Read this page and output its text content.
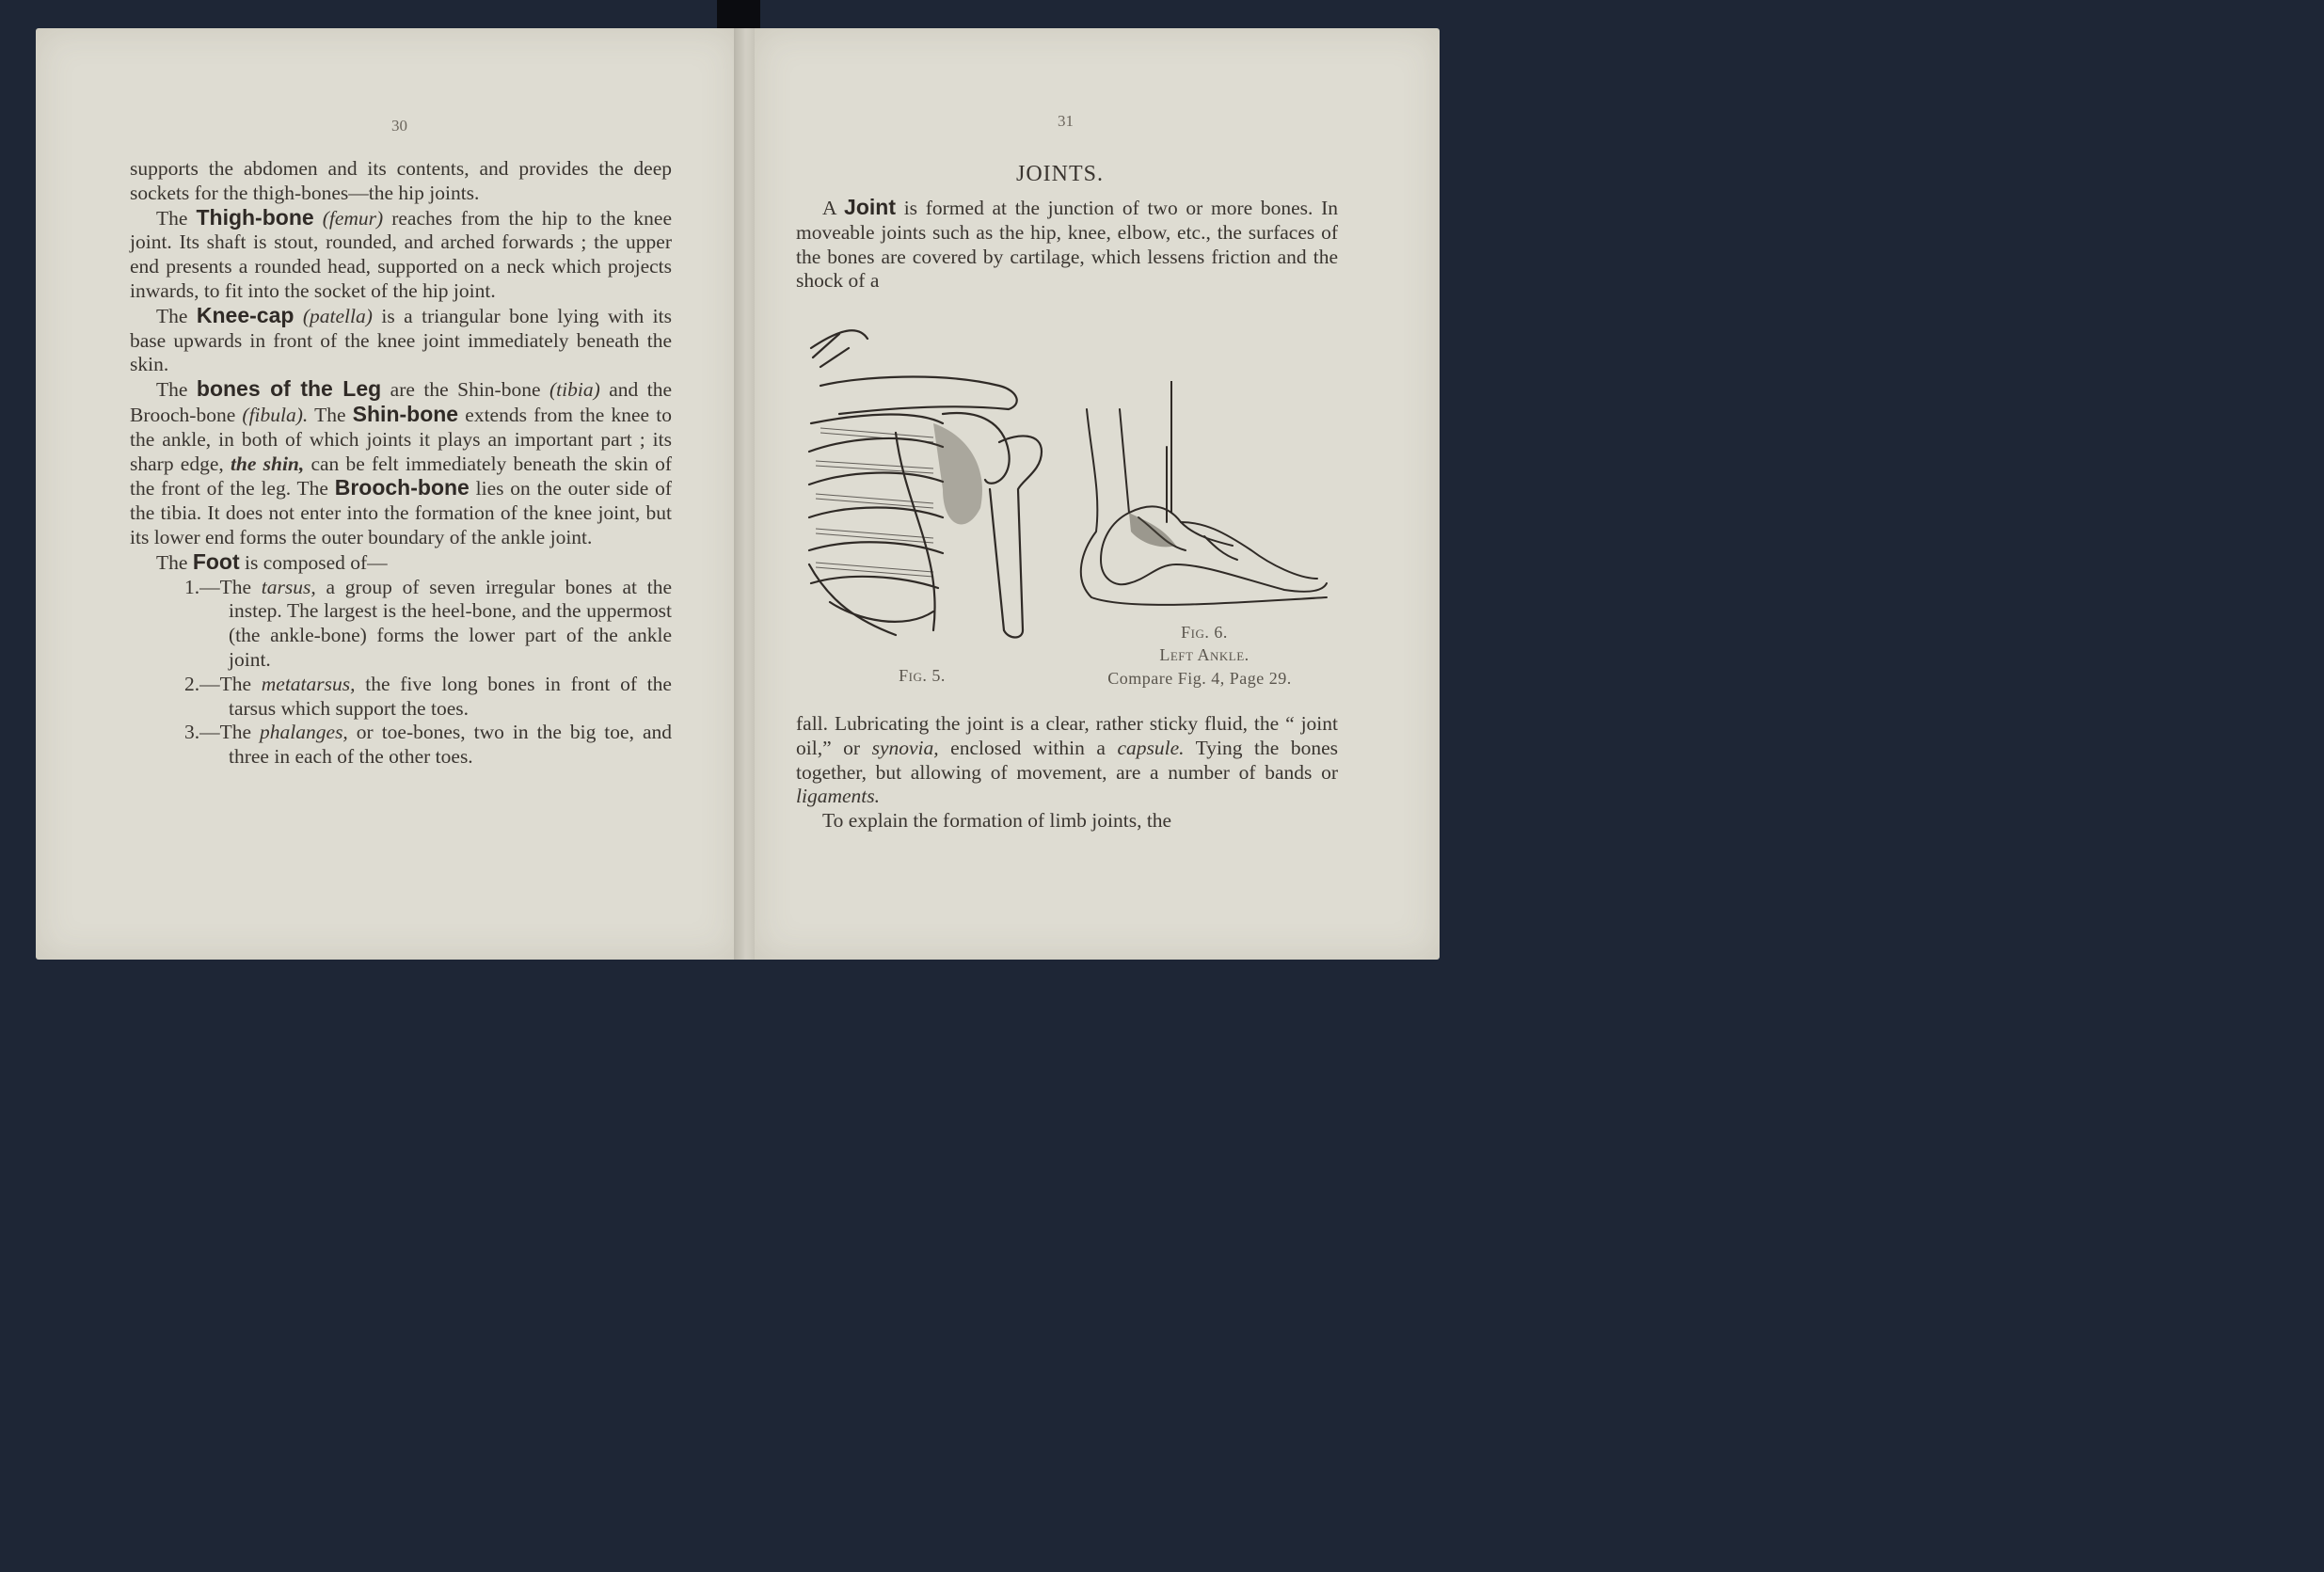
30

supports the abdomen and its contents, and provides the deep sockets for the thigh-bones—the hip joints.

The Thigh-bone (femur) reaches from the hip to the knee joint. Its shaft is stout, rounded, and arched forwards ; the upper end presents a rounded head, supported on a neck which projects inwards, to fit into the socket of the hip joint.

The Knee-cap (patella) is a triangular bone lying with its base upwards in front of the knee joint immediately beneath the skin.

The bones of the Leg are the Shin-bone (tibia) and the Brooch-bone (fibula). The Shin-bone extends from the knee to the ankle, in both of which joints it plays an important part ; its sharp edge, the shin, can be felt immediately beneath the skin of the front of the leg. The Brooch-bone lies on the outer side of the tibia. It does not enter into the formation of the knee joint, but its lower end forms the outer boundary of the ankle joint.

The Foot is composed of—

1.—The tarsus, a group of seven irregular bones at the instep. The largest is the heel-bone, and the uppermost (the ankle-bone) forms the lower part of the ankle joint.

2.—The metatarsus, the five long bones in front of the tarsus which support the toes.

3.—The phalanges, or toe-bones, two in the big toe, and three in each of the other toes.

31
JOINTS.

A Joint is formed at the junction of two or more bones. In moveable joints such as the hip, knee, elbow, etc., the surfaces of the bones are covered by cartilage, which lessens friction and the shock of a

Fig. 5.
Fig. 6.
Left Ankle.
Compare Fig. 4, Page 29.

fall. Lubricating the joint is a clear, rather sticky fluid, the “ joint oil,” or synovia, enclosed within a capsule. Tying the bones together, but allowing of movement, are a number of bands or ligaments.

To explain the formation of limb joints, the
